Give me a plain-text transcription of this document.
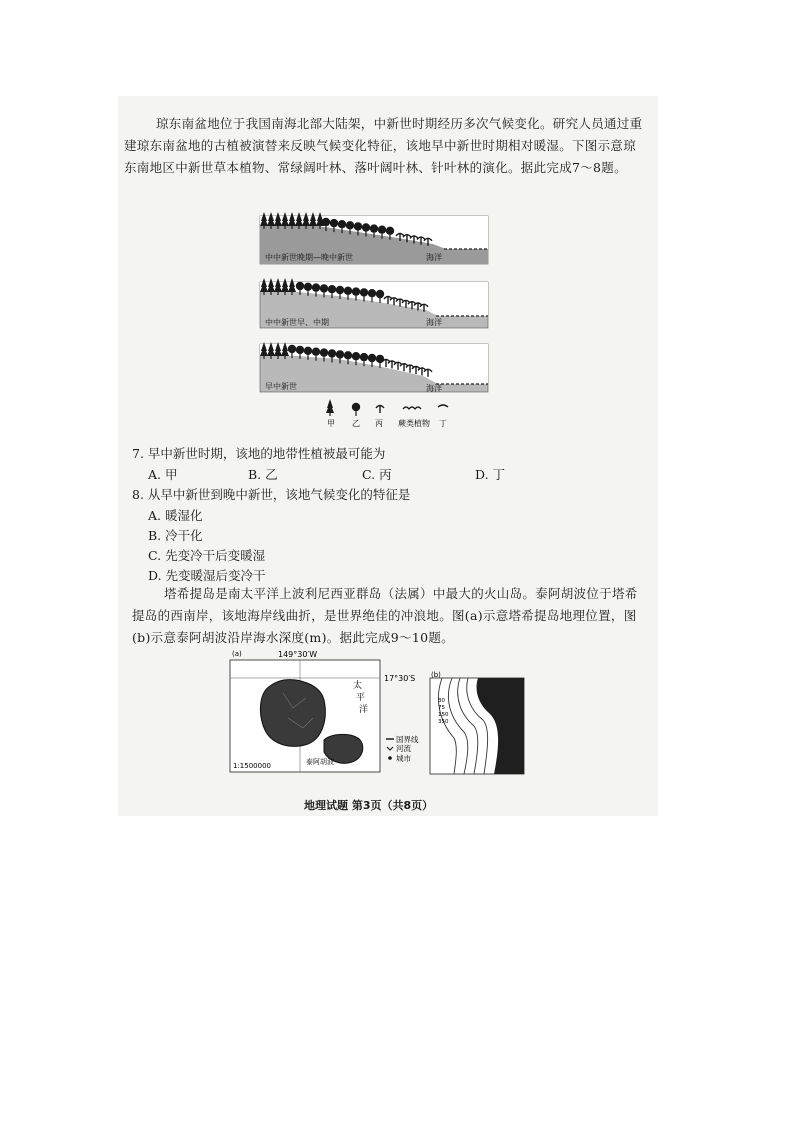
琼东南盆地位于我国南海北部大陆架，中新世时期经历多次气候变化。研究人员通过重建琼东南盆地的古植被演替来反映气候变化特征，该地早中新世时期相对暖湿。下图示意琼东南地区中新世草本植物、常绿阔叶林、落叶阔叶林、针叶林的演化。据此完成7～8题。
中中新世晚期—晚中新世	海洋
中中新世早、中期	海洋
早中新世	海洋
甲 乙 丙 蕨类植物 丁
7. 早中新世时期，该地的地带性植被最可能为
A. 甲	B. 乙	C. 丙	D. 丁
8. 从早中新世到晚中新世，该地气候变化的特征是
A. 暖湿化
B. 冷干化
C. 先变冷干后变暖湿
D. 先变暖湿后变冷干
塔希提岛是南太平洋上波利尼西亚群岛（法属）中最大的火山岛。泰阿胡波位于塔希提岛的西南岸，该地海岸线曲折，是世界绝佳的冲浪地。图(a)示意塔希提岛地理位置，图(b)示意泰阿胡波沿岸海水深度(m)。据此完成9～10题。
(a)	149°30′W
17°30′S
太
平
洋
1:1500000	泰阿胡波
国界线
河流
城市
(b)
30
75
150
350
地理试题 第3页（共8页）
